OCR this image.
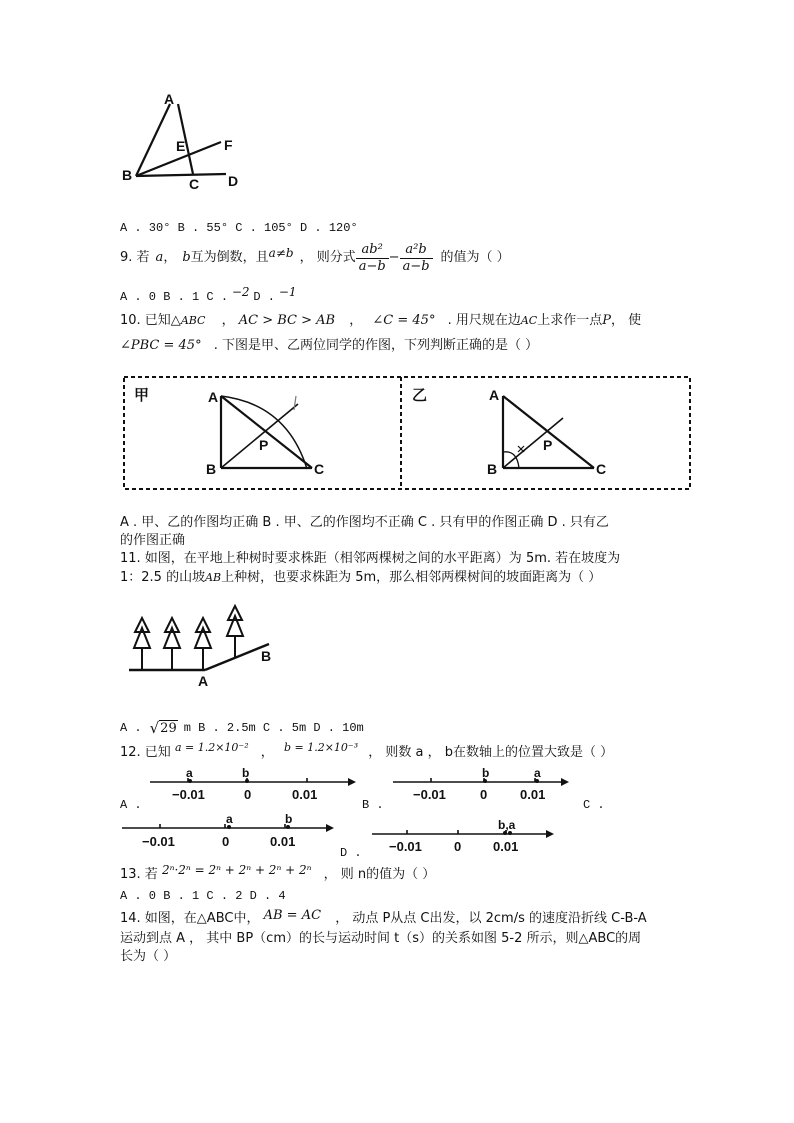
A
B
C D
E	F
A . 30° B . 55° C . 105° D . 120°
9. 若 a ， b 互为倒数，且 a≠b ， 则分式 $\frac{\text{ab²}}{a-b} - \frac{\text{a²b}}{a-b}$ 的值为（ ）
A . 0 B . 1 C . −2 D . −1
10. 已知△ABC ， AC > BC > AB ， ∠C = 45° . 用尺规在边AC上求作一点P， 使
∠PBC = 45° . 下图是甲、乙两位同学的作图，下列判断正确的是（ ）
甲	A
B	C
P
乙	A
B	C
P
A . 甲、乙的作图均正确 B . 甲、乙的作图均不正确 C . 只有甲的作图正确 D . 只有乙
的作图正确
11. 如图，在平地上种树时要求株距（相邻两棵树之间的水平距离）为 5m. 若在坡度为
1：2.5 的山坡AB上种树，也要求株距为 5m，那么相邻两棵树间的坡面距离为（ ）
A
B
A . √ 29 m B . 2.5m C . 5m D . 10m
12. 已知 $^{a = 1.2\times 10^{-2}}$ ， $^{b = 1.2\times 10^{-3}}$ ， 则数 a ， b在数轴上的位置大致是（ ）
A .
a	b
−0.01	0	0.01
B .
b	a
−0.01	0	0.01
C .
a	b
−0.01	0	0.01
b,a
−0.01 0 0.01
D .
13. 若 2ⁿ·2ⁿ = 2ⁿ + 2ⁿ + 2ⁿ + 2ⁿ ， 则 n的值为（ ）
A . 0 B . 1 C . 2 D . 4
14. 如图，在△ABC中， AB = AC ， 动点 P从点 C出发，以 2cm/s 的速度沿折线 C-B-A
运动到点 A ， 其中 BP（cm）的长与运动时间 t（s）的关系如图 5-2 所示，则△ABC的周
长为（ ）
